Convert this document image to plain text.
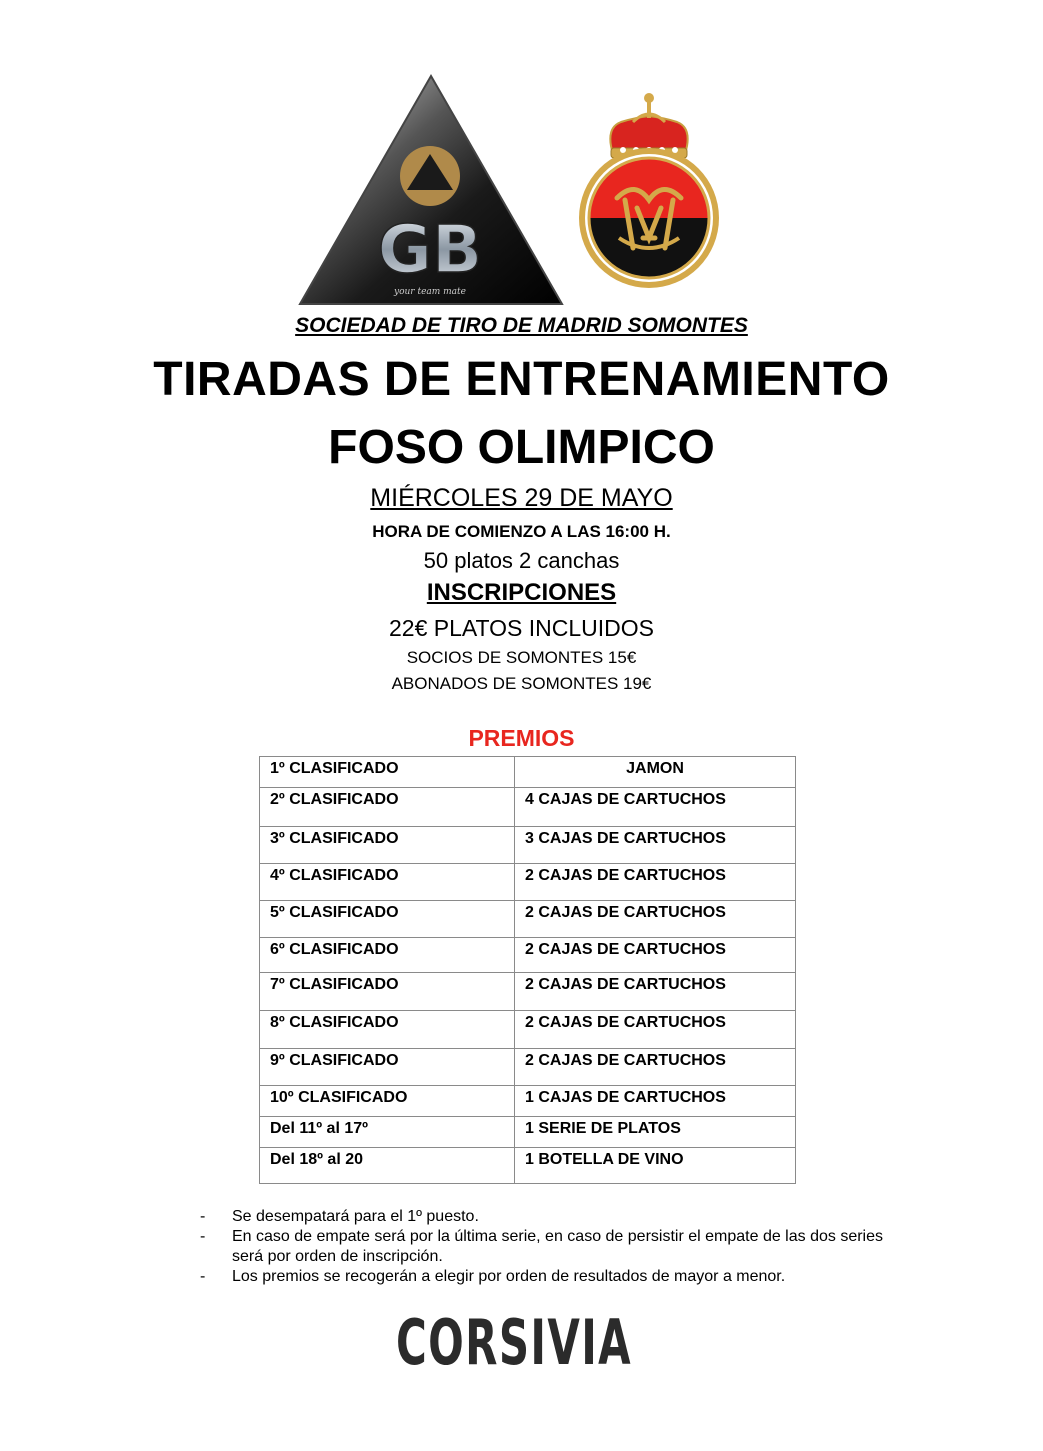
GB
your team mate
SOCIEDAD DE TIRO DE MADRID SOMONTES
TIRADAS DE ENTRENAMIENTO
FOSO OLIMPICO
MIÉRCOLES 29 DE MAYO
HORA DE COMIENZO A LAS 16:00 H.
50 platos 2 canchas
INSCRIPCIONES
22€ PLATOS INCLUIDOS
SOCIOS DE SOMONTES 15€
ABONADOS DE SOMONTES 19€
PREMIOS
1º CLASIFICADO	JAMON
2º CLASIFICADO	4 CAJAS DE CARTUCHOS
3º CLASIFICADO	3 CAJAS DE CARTUCHOS
4º CLASIFICADO	2 CAJAS DE CARTUCHOS
5º CLASIFICADO	2 CAJAS DE CARTUCHOS
6º CLASIFICADO	2 CAJAS DE CARTUCHOS
7º CLASIFICADO	2 CAJAS DE CARTUCHOS
8º CLASIFICADO	2 CAJAS DE CARTUCHOS
9º CLASIFICADO	2 CAJAS DE CARTUCHOS
10º CLASIFICADO	1 CAJAS DE CARTUCHOS
Del 11º al 17º	1 SERIE DE PLATOS
Del 18º al 20	1 BOTELLA DE VINO
- Se desempatará para el 1º puesto.
- En caso de empate será por la última serie, en caso de persistir el empate de las dos series será por orden de inscripción.
- Los premios se recogerán a elegir por orden de resultados de mayor a menor.
CORSIVIA
